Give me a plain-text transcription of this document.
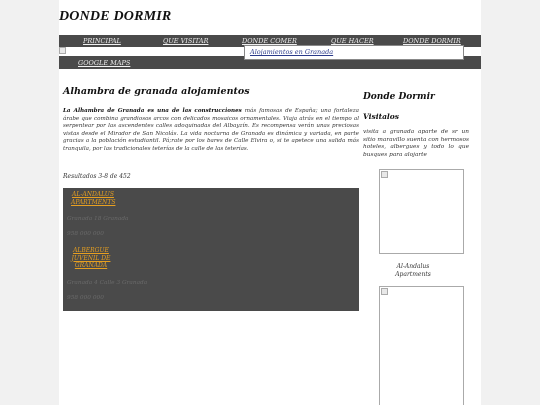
DONDE DORMIR
PRINCIPAL	QUE VISITAR	DONDE COMER	QUE HACER	DONDE DORMIR
GOOGLE MAPS
Alojamientos en Granada
Alhambra de granada alojamientos
La Alhambra de Granada es una de las construcciones más famosas de España; una fortaleza árabe que combina grandiosos arcos con delicados mosaicos ornamentales. Viaja atrás en el tiempo al serpentear por las ascendentes calles adoquinadas del Albayzín. Es recompensa verán unas preciosas vistas desde el Mirador de San Nicolás. La vida nocturna de Granada es dinámica y variada, en parte gracias a la población estudiantil. Pá;rate por los bares de Calle Elvira o, si te apetece una salida más tranquila, por las tradicionales teterías de la calle de las teterías.
Resultados 3-8 de 452
AL-ANDALUS APARTMENTS
Granada 18 Granada
958 000 000
ALBERGUE JUVENIL DE GRANADA
Granada 4 Calle 3 Granada
958 000 000
Donde Dormir
Visitalos
visita a granada aparte de sr un sitio maravillo suenta con hermosos hoteles, albergues y todo lo que busques para alojarte
Al-Andalus Apartments
